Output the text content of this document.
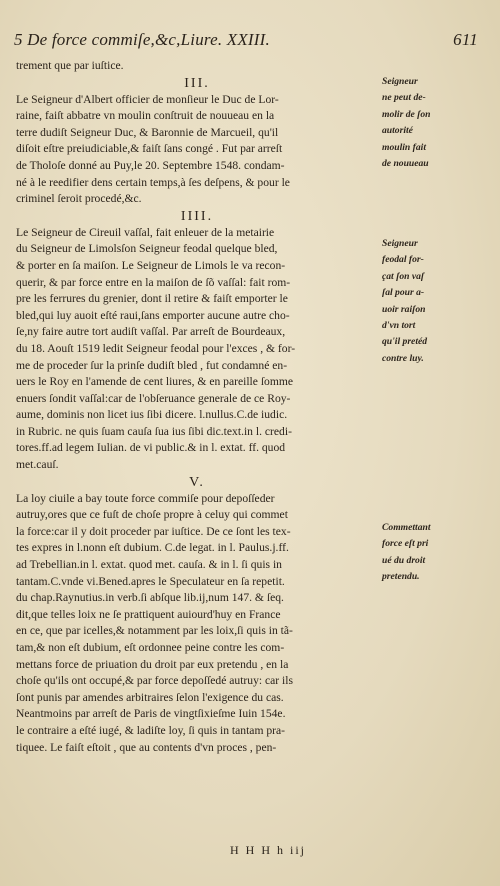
5 De force commiſe,&c,Liure. XXIII.	611

trement que par iuſtice.

III.

Le Seigneur d'Albert officier de monſieur le Duc de Lor-
raine, faiſt abbatre vn moulin conſtruit de nouueau en la
terre dudiſt Seigneur Duc, & Baronnie de Marcueil, qu'il
diſoit eſtre preiudiciable,& faiſt ſans congé . Fut par arreſt
de Tholoſe donné au Puy,le 20. Septembre 1548. condam-
né à le reedifier dens certain temps,à ſes deſpens, & pour le
criminel ſeroit procedé,&c.

IIII.

Le Seigneur de Cireuil vaſſal, fait enleuer de la metairie
du Seigneur de Limolsſon Seigneur feodal quelque bled,
& porter en ſa maiſon. Le Seigneur de Limols le va recon-
querir, & par force entre en la maiſon de ſõ vaſſal: fait rom-
pre les ferrures du grenier, dont il retire & faiſt emporter le
bled,qui luy auoit eſté raui,ſans emporter aucune autre cho-
ſe,ny faire autre tort audiſt vaſſal. Par arreſt de Bourdeaux,
du 18. Aouſt 1519 ledit Seigneur feodal pour l'exces , & for-
me de proceder ſur la prinſe dudiſt bled , fut condamné en-
uers le Roy en l'amende de cent liures, & en pareille ſomme
enuers ſondit vaſſal:car de l'obſeruance generale de ce Roy-
aume, dominis non licet ius ſibi dicere. l.nullus.C.de iudic.
in Rubric. ne quis ſuam cauſa ſua ius ſibi dic.text.in l. credi-
tores.ff.ad legem Iulian. de vi public.& in l. extat. ff. quod
met.cauſ.

V.

La loy ciuile a bay toute force commiſe pour depoſſeder
autruy,ores que ce fuſt de choſe propre à celuy qui commet
la force:car il y doit proceder par iuſtice. De ce ſont les tex-
tes expres in l.nonn eſt dubium. C.de legat. in l. Paulus.j.ff.
ad Trebellian.in l. extat. quod met. cauſa. & in l. ſi quis in
tantam.C.vnde vi.Bened.apres le Speculateur en ſa repetit.
du chap.Raynutius.in verb.ſi abſque lib.ij,num 147. & ſeq.
dit,que telles loix ne ſe prattiquent auiourd'huy en France
en ce, que par icelles,& notamment par les loix,ſi quis in tã-
tam,& non eſt dubium, eſt ordonnee peine contre les com-
mettans force de priuation du droit par eux pretendu , en la
choſe qu'ils ont occupé,& par force depoſſedé autruy: car ils
ſont punis par amendes arbitraires ſelon l'exigence du cas.
Neantmoins par arreſt de Paris de vingtſixieſme Iuin 154e.
le contraire a eſté iugé, & ladiſte loy, ſi quis in tantam pra-
tiquee. Le faiſt eſtoit , que au contents d'vn proces , pen-

Seigneur
ne peut de-
molir de ſon
autorité
moulin fait
de nouueau
Seigneur
feodal for-
çat ſon vaſ
ſal pour a-
uoir raiſon
d'vn tort
qu'il pretéd
contre luy.
Commettant
force eſt pri
ué du droit
pretendu.
H H H h iij
